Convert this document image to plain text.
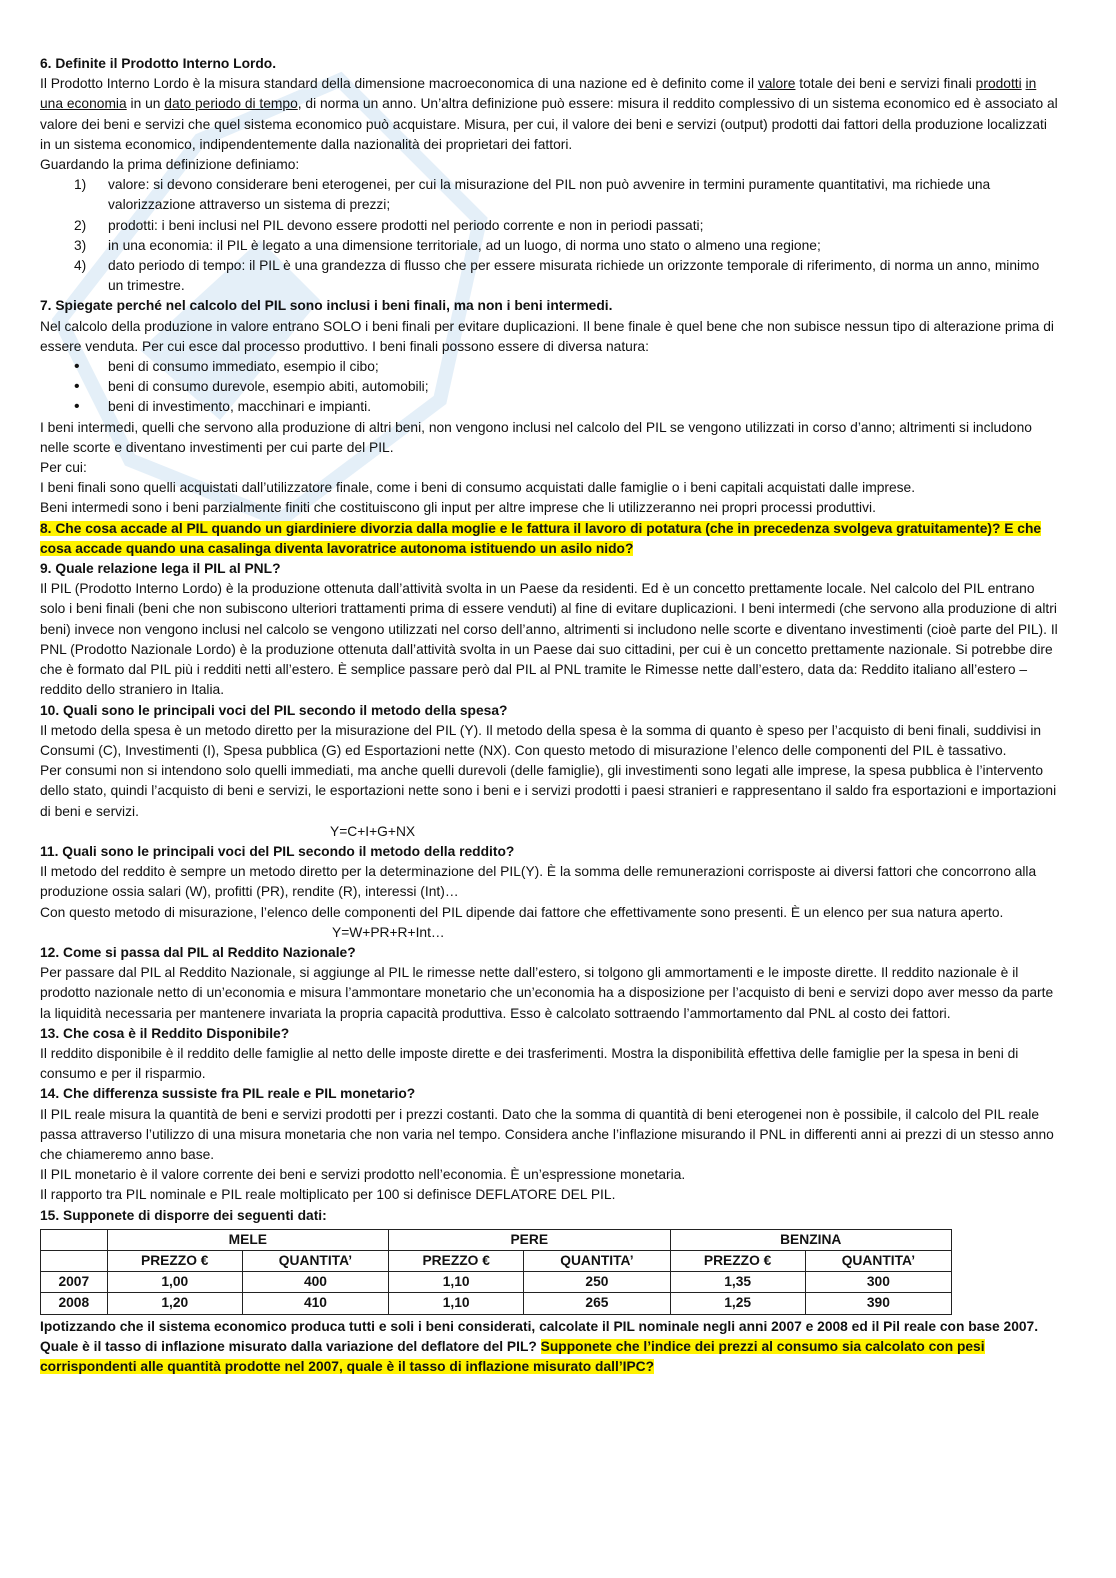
6. Definite il Prodotto Interno Lordo.

Il Prodotto Interno Lordo è la misura standard della dimensione macroeconomica di una nazione ed è definito come il valore totale dei beni e servizi finali prodotti in una economia in un dato periodo di tempo, di norma un anno. Un’altra definizione può essere: misura il reddito complessivo di un sistema economico ed è associato al valore dei beni e servizi che quel sistema economico può acquistare. Misura, per cui, il valore dei beni e servizi (output) prodotti dai fattori della produzione localizzati in un sistema economico, indipendentemente dalla nazionalità dei proprietari dei fattori.

Guardando la prima definizione definiamo:

1) valore: si devono considerare beni eterogenei, per cui la misurazione del PIL non può avvenire in termini puramente quantitativi, ma richiede una valorizzazione attraverso un sistema di prezzi;
2) prodotti: i beni inclusi nel PIL devono essere prodotti nel periodo corrente e non in periodi passati;
3) in una economia: il PIL è legato a una dimensione territoriale, ad un luogo, di norma uno stato o almeno una regione;
4) dato periodo di tempo: il PIL è una grandezza di flusso che per essere misurata richiede un orizzonte temporale di riferimento, di norma un anno, minimo un trimestre.

7. Spiegate perché nel calcolo del PIL sono inclusi i beni finali, ma non i beni intermedi.

Nel calcolo della produzione in valore entrano SOLO i beni finali per evitare duplicazioni. Il bene finale è quel bene che non subisce nessun tipo di alterazione prima di essere venduta. Per cui esce dal processo produttivo. I beni finali possono essere di diversa natura:

• beni di consumo immediato, esempio il cibo;
• beni di consumo durevole, esempio abiti, automobili;
• beni di investimento, macchinari e impianti.

I beni intermedi, quelli che servono alla produzione di altri beni, non vengono inclusi nel calcolo del PIL se vengono utilizzati in corso d’anno; altrimenti si includono nelle scorte e diventano investimenti per cui parte del PIL.

Per cui:

I beni finali sono quelli acquistati dall’utilizzatore finale, come i beni di consumo acquistati dalle famiglie o i beni capitali acquistati dalle imprese.

Beni intermedi sono i beni parzialmente finiti che costituiscono gli input per altre imprese che li utilizzeranno nei propri processi produttivi.

8. Che cosa accade al PIL quando un giardiniere divorzia dalla moglie e le fattura il lavoro di potatura (che in precedenza svolgeva gratuitamente)? E che cosa accade quando una casalinga diventa lavoratrice autonoma istituendo un asilo nido?

9. Quale relazione lega il PIL al PNL?

Il PIL (Prodotto Interno Lordo) è la produzione ottenuta dall’attività svolta in un Paese da residenti. Ed è un concetto prettamente locale. Nel calcolo del PIL entrano solo i beni finali (beni che non subiscono ulteriori trattamenti prima di essere venduti) al fine di evitare duplicazioni. I beni intermedi (che servono alla produzione di altri beni) invece non vengono inclusi nel calcolo se vengono utilizzati nel corso dell’anno, altrimenti si includono nelle scorte e diventano investimenti (cioè parte del PIL). Il PNL (Prodotto Nazionale Lordo) è la produzione ottenuta dall’attività svolta in un Paese dai suo cittadini, per cui è un concetto prettamente nazionale. Si potrebbe dire che è formato dal PIL più i redditi netti all’estero. È semplice passare però dal PIL al PNL tramite le Rimesse nette dall’estero, data da: Reddito italiano all’estero – reddito dello straniero in Italia.

10. Quali sono le principali voci del PIL secondo il metodo della spesa?

Il metodo della spesa è un metodo diretto per la misurazione del PIL (Y). Il metodo della spesa è la somma di quanto è speso per l’acquisto di beni finali, suddivisi in Consumi (C), Investimenti (I), Spesa pubblica (G) ed Esportazioni nette (NX). Con questo metodo di misurazione l’elenco delle componenti del PIL è tassativo.

Per consumi non si intendono solo quelli immediati, ma anche quelli durevoli (delle famiglie), gli investimenti sono legati alle imprese, la spesa pubblica è l’intervento dello stato, quindi l’acquisto di beni e servizi, le esportazioni nette sono i beni e i servizi prodotti i paesi stranieri e rappresentano il saldo fra esportazioni e importazioni di beni e servizi.

Y=C+I+G+NX

11. Quali sono le principali voci del PIL secondo il metodo della reddito?

Il metodo del reddito è sempre un metodo diretto per la determinazione del PIL(Y). È la somma delle remunerazioni corrisposte ai diversi fattori che concorrono alla produzione ossia salari (W), profitti (PR), rendite (R), interessi (Int)…

Con questo metodo di misurazione, l’elenco delle componenti del PIL dipende dai fattore che effettivamente sono presenti. È un elenco per sua natura aperto.

Y=W+PR+R+Int…

12. Come si passa dal PIL al Reddito Nazionale?

Per passare dal PIL al Reddito Nazionale, si aggiunge al PIL le rimesse nette dall’estero, si tolgono gli ammortamenti e le imposte dirette. Il reddito nazionale è il prodotto nazionale netto di un’economia e misura l’ammontare monetario che un’economia ha a disposizione per l’acquisto di beni e servizi dopo aver messo da parte la liquidità necessaria per mantenere invariata la propria capacità produttiva. Esso è calcolato sottraendo l’ammortamento dal PNL al costo dei fattori.

13. Che cosa è il Reddito Disponibile?

Il reddito disponibile è il reddito delle famiglie al netto delle imposte dirette e dei trasferimenti. Mostra la disponibilità effettiva delle famiglie per la spesa in beni di consumo e per il risparmio.

14. Che differenza sussiste fra PIL reale e PIL monetario?

Il PIL reale misura la quantità de beni e servizi prodotti per i prezzi costanti. Dato che la somma di quantità di beni eterogenei non è possibile, il calcolo del PIL reale passa attraverso l’utilizzo di una misura monetaria che non varia nel tempo. Considera anche l’inflazione misurando il PNL in differenti anni ai prezzi di un stesso anno che chiameremo anno base.

Il PIL monetario è il valore corrente dei beni e servizi prodotto nell’economia. È un’espressione monetaria.

Il rapporto tra PIL nominale e PIL reale moltiplicato per 100 si definisce DEFLATORE DEL PIL.

15. Supponete di disporre dei seguenti dati:

	MELE		PERE		BENZINA	
	PREZZO €	QUANTITA’	PREZZO €	QUANTITA’	PREZZO €	QUANTITA’
2007	1,00	400	1,10	250	1,35	300
2008	1,20	410	1,10	265	1,25	390

Ipotizzando che il sistema economico produca tutti e soli i beni considerati, calcolate il PIL nominale negli anni 2007 e 2008 ed il Pil reale con base 2007. Quale è il tasso di inflazione misurato dalla variazione del deflatore del PIL? Supponete che l’indice dei prezzi al consumo sia calcolato con pesi corrispondenti alle quantità prodotte nel 2007, quale è il tasso di inflazione misurato dall’IPC?
